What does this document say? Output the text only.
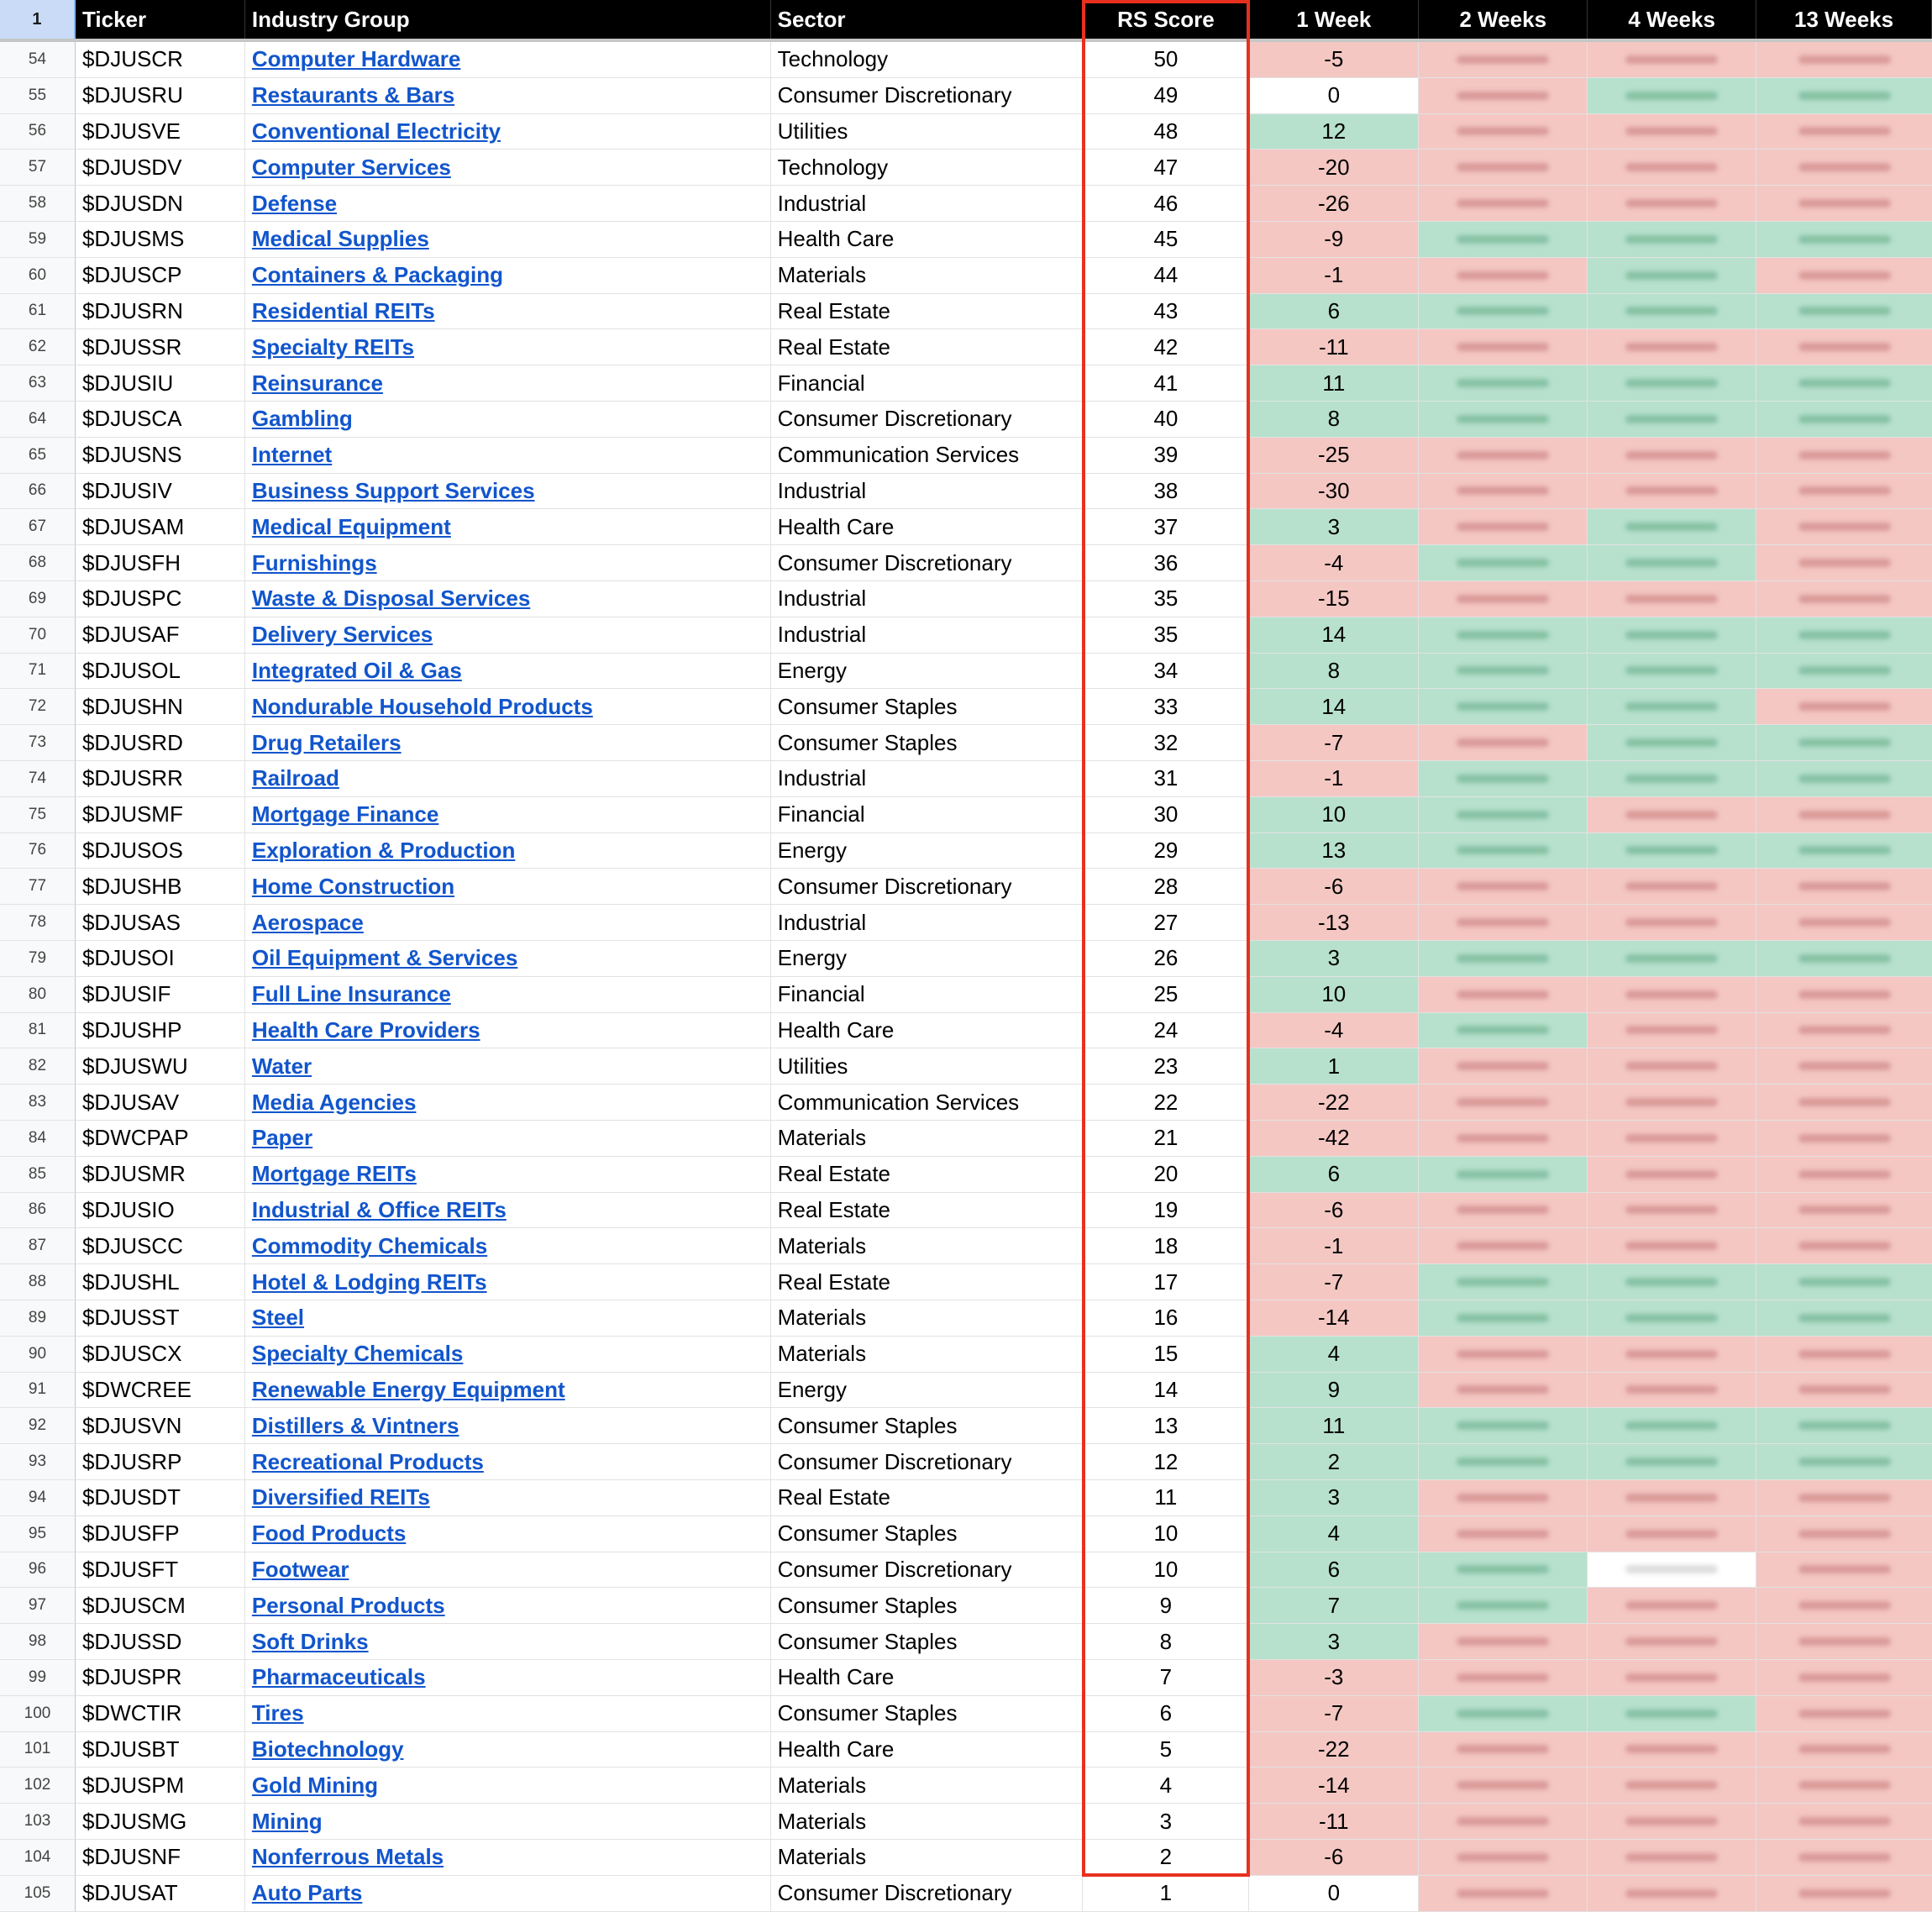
1	Ticker	Industry Group	Sector	RS Score	1 Week	2 Weeks	4 Weeks	13 Weeks
54	$DJUSCR	Computer Hardware	Technology	50	-5
55	$DJUSRU	Restaurants & Bars	Consumer Discretionary	49	0
56	$DJUSVE	Conventional Electricity	Utilities	48	12
57	$DJUSDV	Computer Services	Technology	47	-20
58	$DJUSDN	Defense	Industrial	46	-26
59	$DJUSMS	Medical Supplies	Health Care	45	-9
60	$DJUSCP	Containers & Packaging	Materials	44	-1
61	$DJUSRN	Residential REITs	Real Estate	43	6
62	$DJUSSR	Specialty REITs	Real Estate	42	-11
63	$DJUSIU	Reinsurance	Financial	41	11
64	$DJUSCA	Gambling	Consumer Discretionary	40	8
65	$DJUSNS	Internet	Communication Services	39	-25
66	$DJUSIV	Business Support Services	Industrial	38	-30
67	$DJUSAM	Medical Equipment	Health Care	37	3
68	$DJUSFH	Furnishings	Consumer Discretionary	36	-4
69	$DJUSPC	Waste & Disposal Services	Industrial	35	-15
70	$DJUSAF	Delivery Services	Industrial	35	14
71	$DJUSOL	Integrated Oil & Gas	Energy	34	8
72	$DJUSHN	Nondurable Household Products	Consumer Staples	33	14
73	$DJUSRD	Drug Retailers	Consumer Staples	32	-7
74	$DJUSRR	Railroad	Industrial	31	-1
75	$DJUSMF	Mortgage Finance	Financial	30	10
76	$DJUSOS	Exploration & Production	Energy	29	13
77	$DJUSHB	Home Construction	Consumer Discretionary	28	-6
78	$DJUSAS	Aerospace	Industrial	27	-13
79	$DJUSOI	Oil Equipment & Services	Energy	26	3
80	$DJUSIF	Full Line Insurance	Financial	25	10
81	$DJUSHP	Health Care Providers	Health Care	24	-4
82	$DJUSWU	Water	Utilities	23	1
83	$DJUSAV	Media Agencies	Communication Services	22	-22
84	$DWCPAP	Paper	Materials	21	-42
85	$DJUSMR	Mortgage REITs	Real Estate	20	6
86	$DJUSIO	Industrial & Office REITs	Real Estate	19	-6
87	$DJUSCC	Commodity Chemicals	Materials	18	-1
88	$DJUSHL	Hotel & Lodging REITs	Real Estate	17	-7
89	$DJUSST	Steel	Materials	16	-14
90	$DJUSCX	Specialty Chemicals	Materials	15	4
91	$DWCREE	Renewable Energy Equipment	Energy	14	9
92	$DJUSVN	Distillers & Vintners	Consumer Staples	13	11
93	$DJUSRP	Recreational Products	Consumer Discretionary	12	2
94	$DJUSDT	Diversified REITs	Real Estate	11	3
95	$DJUSFP	Food Products	Consumer Staples	10	4
96	$DJUSFT	Footwear	Consumer Discretionary	10	6
97	$DJUSCM	Personal Products	Consumer Staples	9	7
98	$DJUSSD	Soft Drinks	Consumer Staples	8	3
99	$DJUSPR	Pharmaceuticals	Health Care	7	-3
100	$DWCTIR	Tires	Consumer Staples	6	-7
101	$DJUSBT	Biotechnology	Health Care	5	-22
102	$DJUSPM	Gold Mining	Materials	4	-14
103	$DJUSMG	Mining	Materials	3	-11
104	$DJUSNF	Nonferrous Metals	Materials	2	-6
105	$DJUSAT	Auto Parts	Consumer Discretionary	1	0
